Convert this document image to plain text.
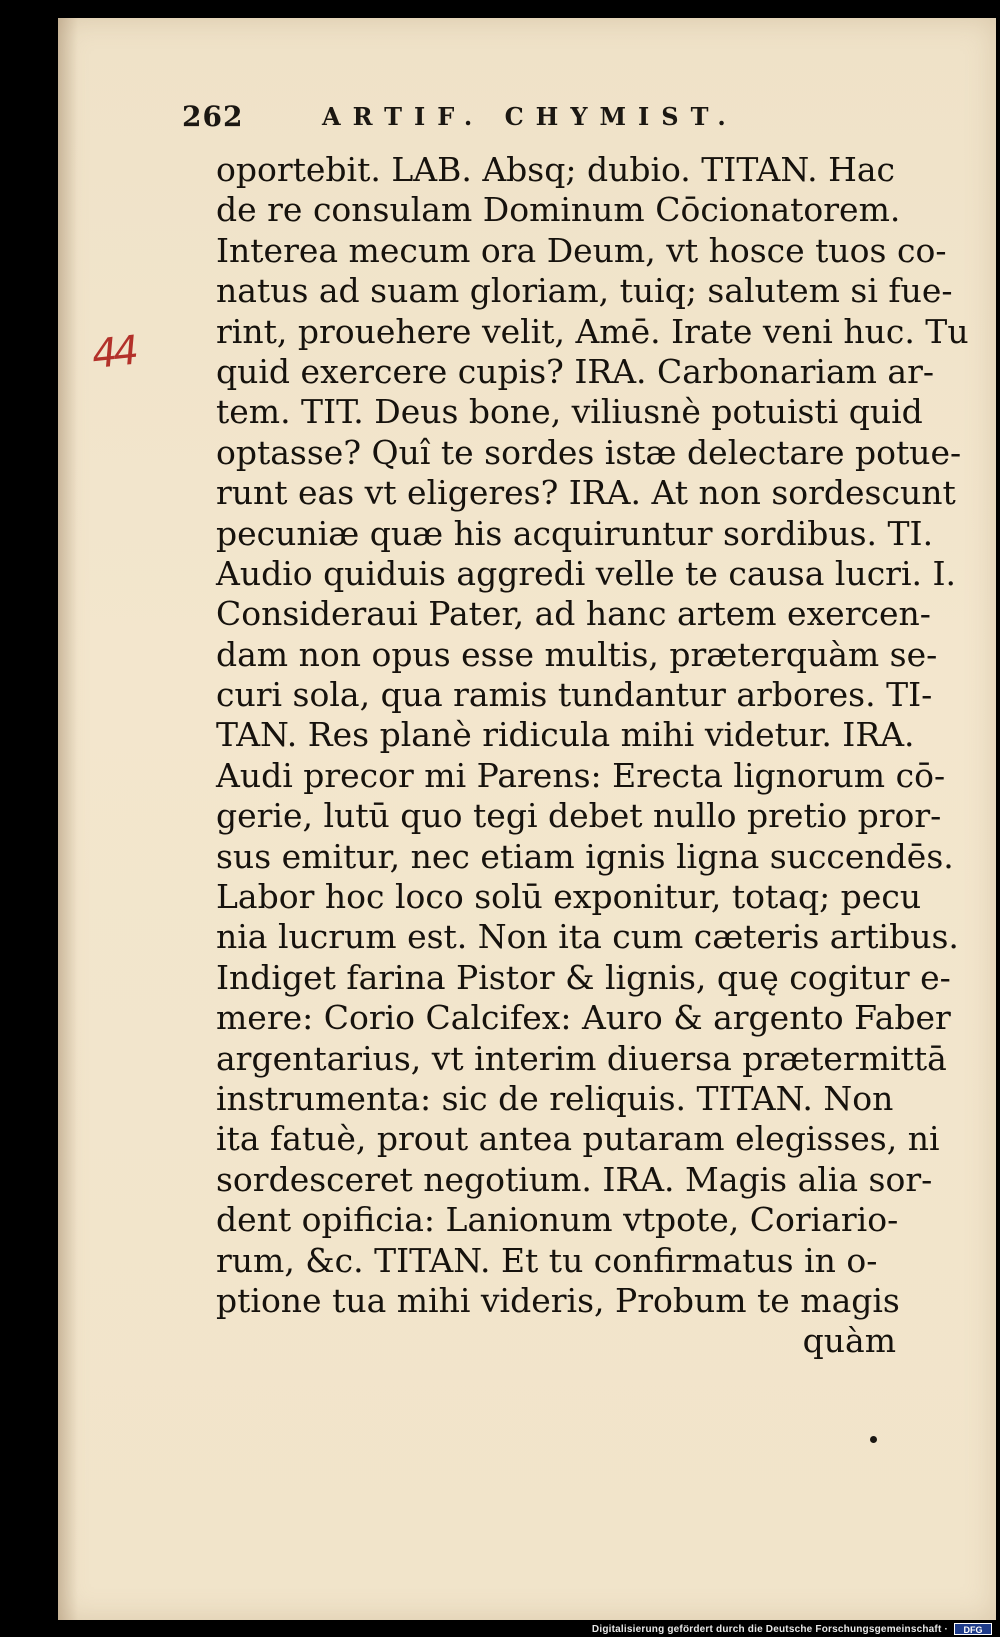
262	ARTIF. CHYMIST.
44
oportebit. LAB. Absq; dubio. TITAN. Hac
de re consulam Dominum Cōcionatorem.
Interea mecum ora Deum, vt hosce tuos co-
natus ad suam gloriam, tuiq; salutem si fue-
rint, prouehere velit, Amē. Irate veni huc. Tu
quid exercere cupis? IRA. Carbonariam ar-
tem. TIT. Deus bone, viliusnè potuisti quid
optasse? Quî te sordes istæ delectare potue-
runt eas vt eligeres? IRA. At non sordescunt
pecuniæ quæ his acquiruntur sordibus. TI.
Audio quiduis aggredi velle te causa lucri. I.
Consideraui Pater, ad hanc artem exercen-
dam non opus esse multis, præterquàm se-
curi sola, qua ramis tundantur arbores. TI-
TAN. Res planè ridicula mihi videtur. IRA.
Audi precor mi Parens: Erecta lignorum cō-
gerie, lutū quo tegi debet nullo pretio pror-
sus emitur, nec etiam ignis ligna succendēs.
Labor hoc loco solū exponitur, totaq; pecu
nia lucrum est. Non ita cum cæteris artibus.
Indiget farina Pistor & lignis, quę cogitur e-
mere: Corio Calcifex: Auro & argento Faber
argentarius, vt interim diuersa prætermittā
instrumenta: sic de reliquis. TITAN. Non
ita fatuè, prout antea putaram elegisses, ni
sordesceret negotium. IRA. Magis alia sor-
dent opificia: Lanionum vtpote, Coriario-
rum, &c. TITAN. Et tu confirmatus in o-
ptione tua mihi videris, Probum te magis
quàm
Digitalisierung gefördert durch die Deutsche Forschungsgemeinschaft ·	DFG
